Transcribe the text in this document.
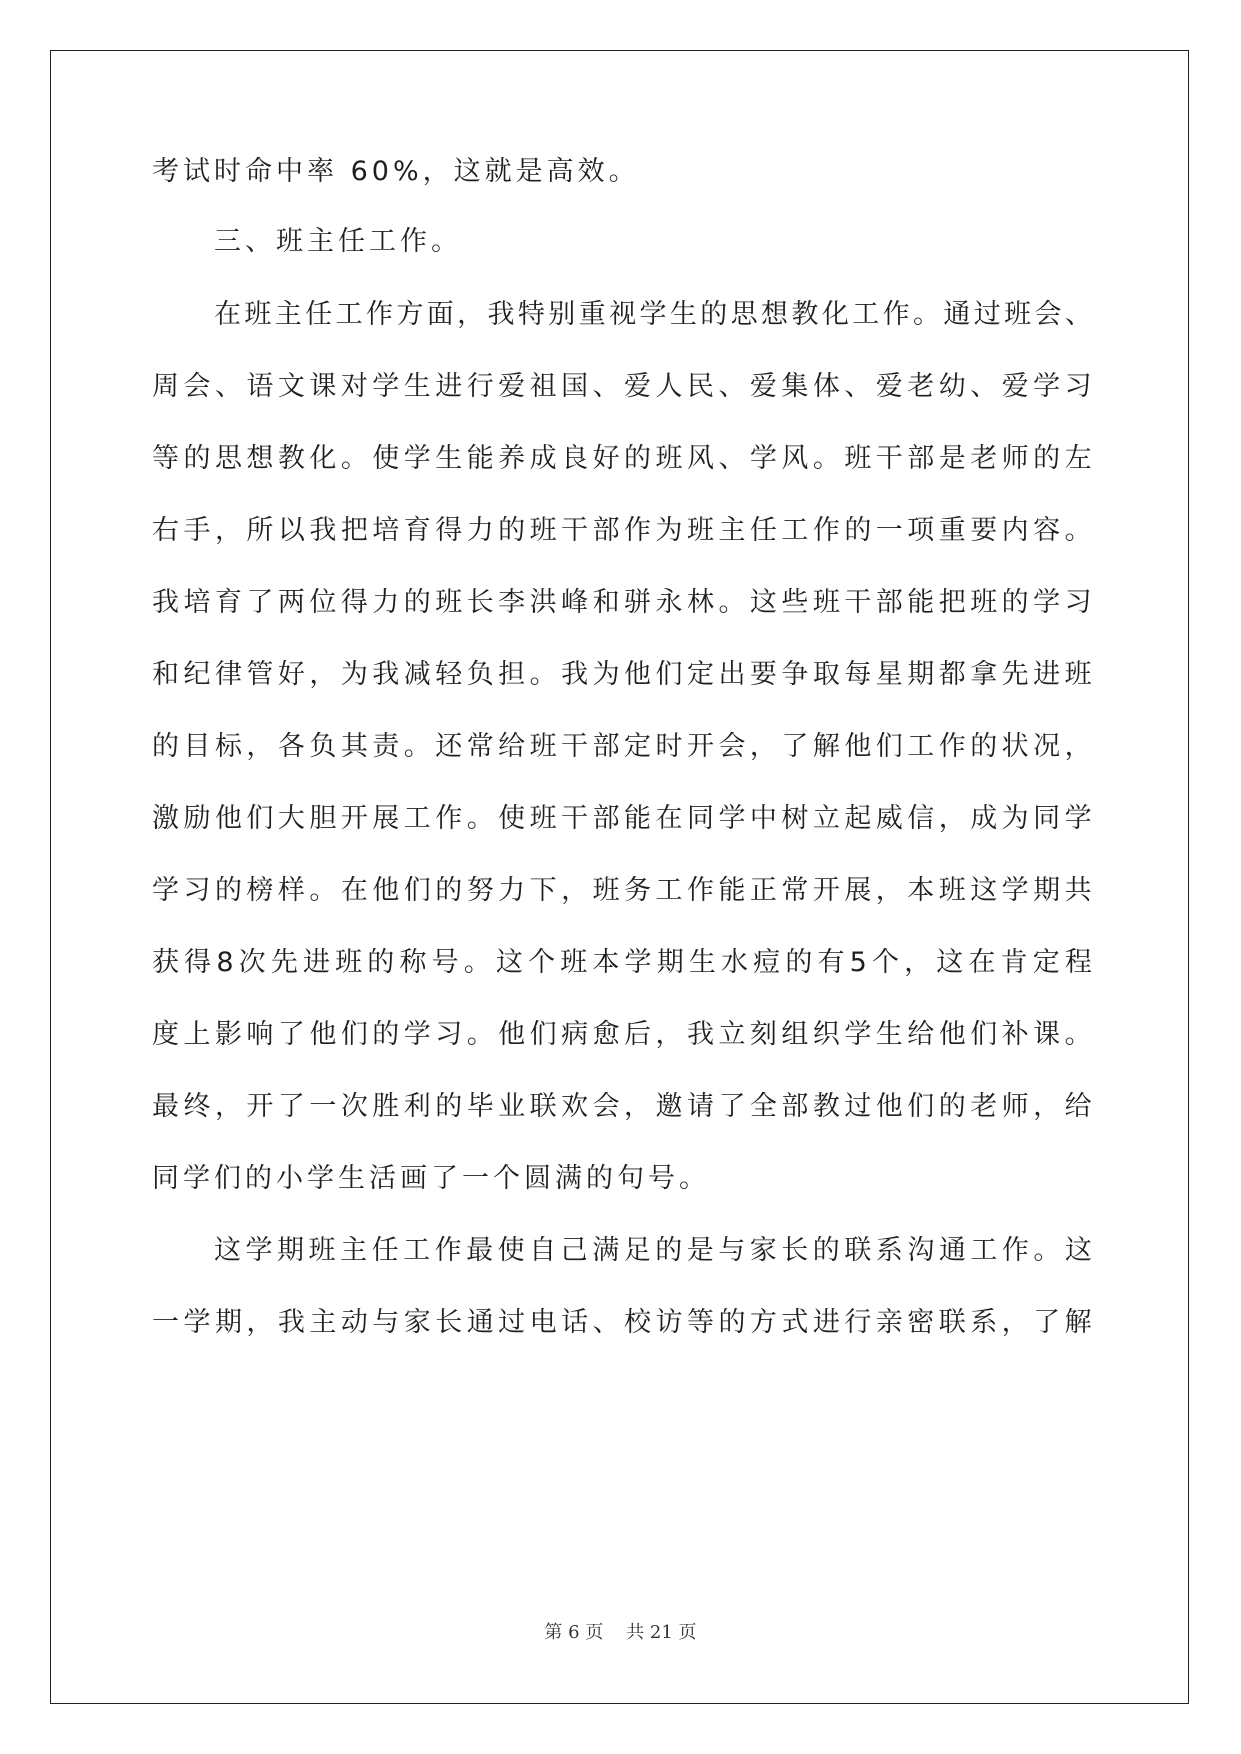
考试时命中率 60%，这就是高效。
三、班主任工作。
在 班 主 任 工 作 方 面 ， 我 特 别 重 视 学 生 的 思 想 教 化 工 作 。 通 过 班 会 、
周 会 、 语 文 课 对 学 生 进 行 爱 祖 国 、 爱 人 民 、 爱 集 体 、 爱 老 幼 、 爱 学 习
等 的 思 想 教 化 。 使 学 生 能 养 成 良 好 的 班 风 、 学 风 。 班 干 部 是 老 师 的 左
右 手 ， 所 以 我 把 培 育 得 力 的 班 干 部 作 为 班 主 任 工 作 的 一 项 重 要 内 容 。
我 培 育 了 两 位 得 力 的 班 长 李 洪 峰 和 骈 永 林 。 这 些 班 干 部 能 把 班 的 学 习
和 纪 律 管 好 ， 为 我 减 轻 负 担 。 我 为 他 们 定 出 要 争 取 每 星 期 都 拿 先 进 班
的 目 标 ， 各 负 其 责 。 还 常 给 班 干 部 定 时 开 会 ， 了 解 他 们 工 作 的 状 况 ，
激 励 他 们 大 胆 开 展 工 作 。 使 班 干 部 能 在 同 学 中 树 立 起 威 信 ， 成 为 同 学
学 习 的 榜 样 。 在 他 们 的 努 力 下 ， 班 务 工 作 能 正 常 开 展 ， 本 班 这 学 期 共
获 得 8 次 先 进 班 的 称 号 。 这 个 班 本 学 期 生 水 痘 的 有 5 个 ， 这 在 肯 定 程
度 上 影 响 了 他 们 的 学 习 。 他 们 病 愈 后 ， 我 立 刻 组 织 学 生 给 他 们 补 课 。
最 终 ， 开 了 一 次 胜 利 的 毕 业 联 欢 会 ， 邀 请 了 全 部 教 过 他 们 的 老 师 ， 给
同学们的小学生活画了一个圆满的句号。
这 学 期 班 主 任 工 作 最 使 自 己 满 足 的 是 与 家 长 的 联 系 沟 通 工 作 。 这
一 学 期 ， 我 主 动 与 家 长 通 过 电 话 、 校 访 等 的 方 式 进 行 亲 密 联 系 ， 了 解
第 6 页    共 21 页
